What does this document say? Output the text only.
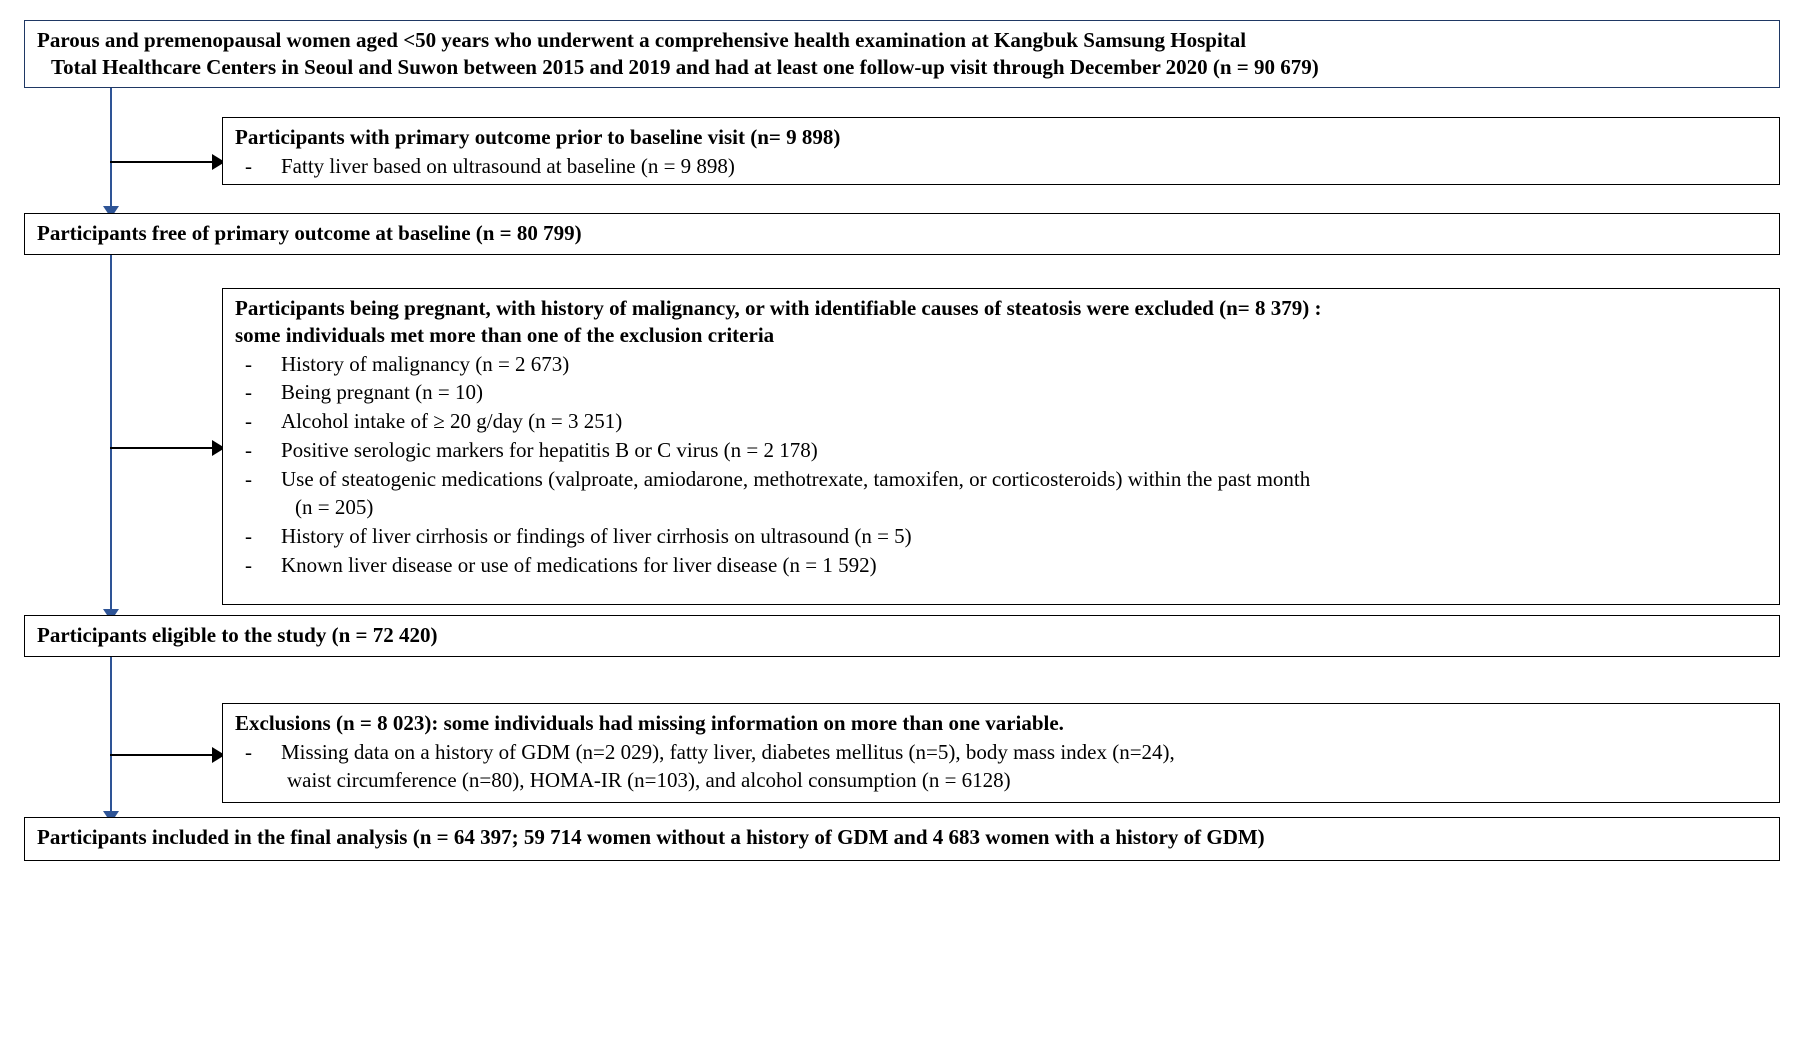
Parous and premenopausal women aged <50 years who underwent a comprehensive health examination at Kangbuk Samsung Hospital
Total Healthcare Centers in Seoul and Suwon between 2015 and 2019 and had at least one follow-up visit through December 2020 (n = 90 679)
Participants with primary outcome prior to baseline visit (n= 9 898)
- Fatty liver based on ultrasound at baseline (n = 9 898)
Participants free of primary outcome at baseline (n = 80 799)
Participants being pregnant, with history of malignancy, or with identifiable causes of steatosis were excluded (n= 8 379) :
some individuals met more than one of the exclusion criteria
- History of malignancy (n = 2 673)
- Being pregnant (n = 10)
- Alcohol intake of ≥ 20 g/day (n = 3 251)
- Positive serologic markers for hepatitis B or C virus (n = 2 178)
- Use of steatogenic medications (valproate, amiodarone, methotrexate, tamoxifen, or corticosteroids) within the past month
(n = 205)
- History of liver cirrhosis or findings of liver cirrhosis on ultrasound (n = 5)
- Known liver disease or use of medications for liver disease (n = 1 592)
Participants eligible to the study (n = 72 420)
Exclusions (n = 8 023): some individuals had missing information on more than one variable.
- Missing data on a history of GDM (n=2 029), fatty liver, diabetes mellitus (n=5), body mass index (n=24),
waist circumference (n=80), HOMA-IR (n=103), and alcohol consumption (n = 6128)
Participants included in the final analysis (n = 64 397; 59 714 women without a history of GDM and 4 683 women with a history of GDM)
